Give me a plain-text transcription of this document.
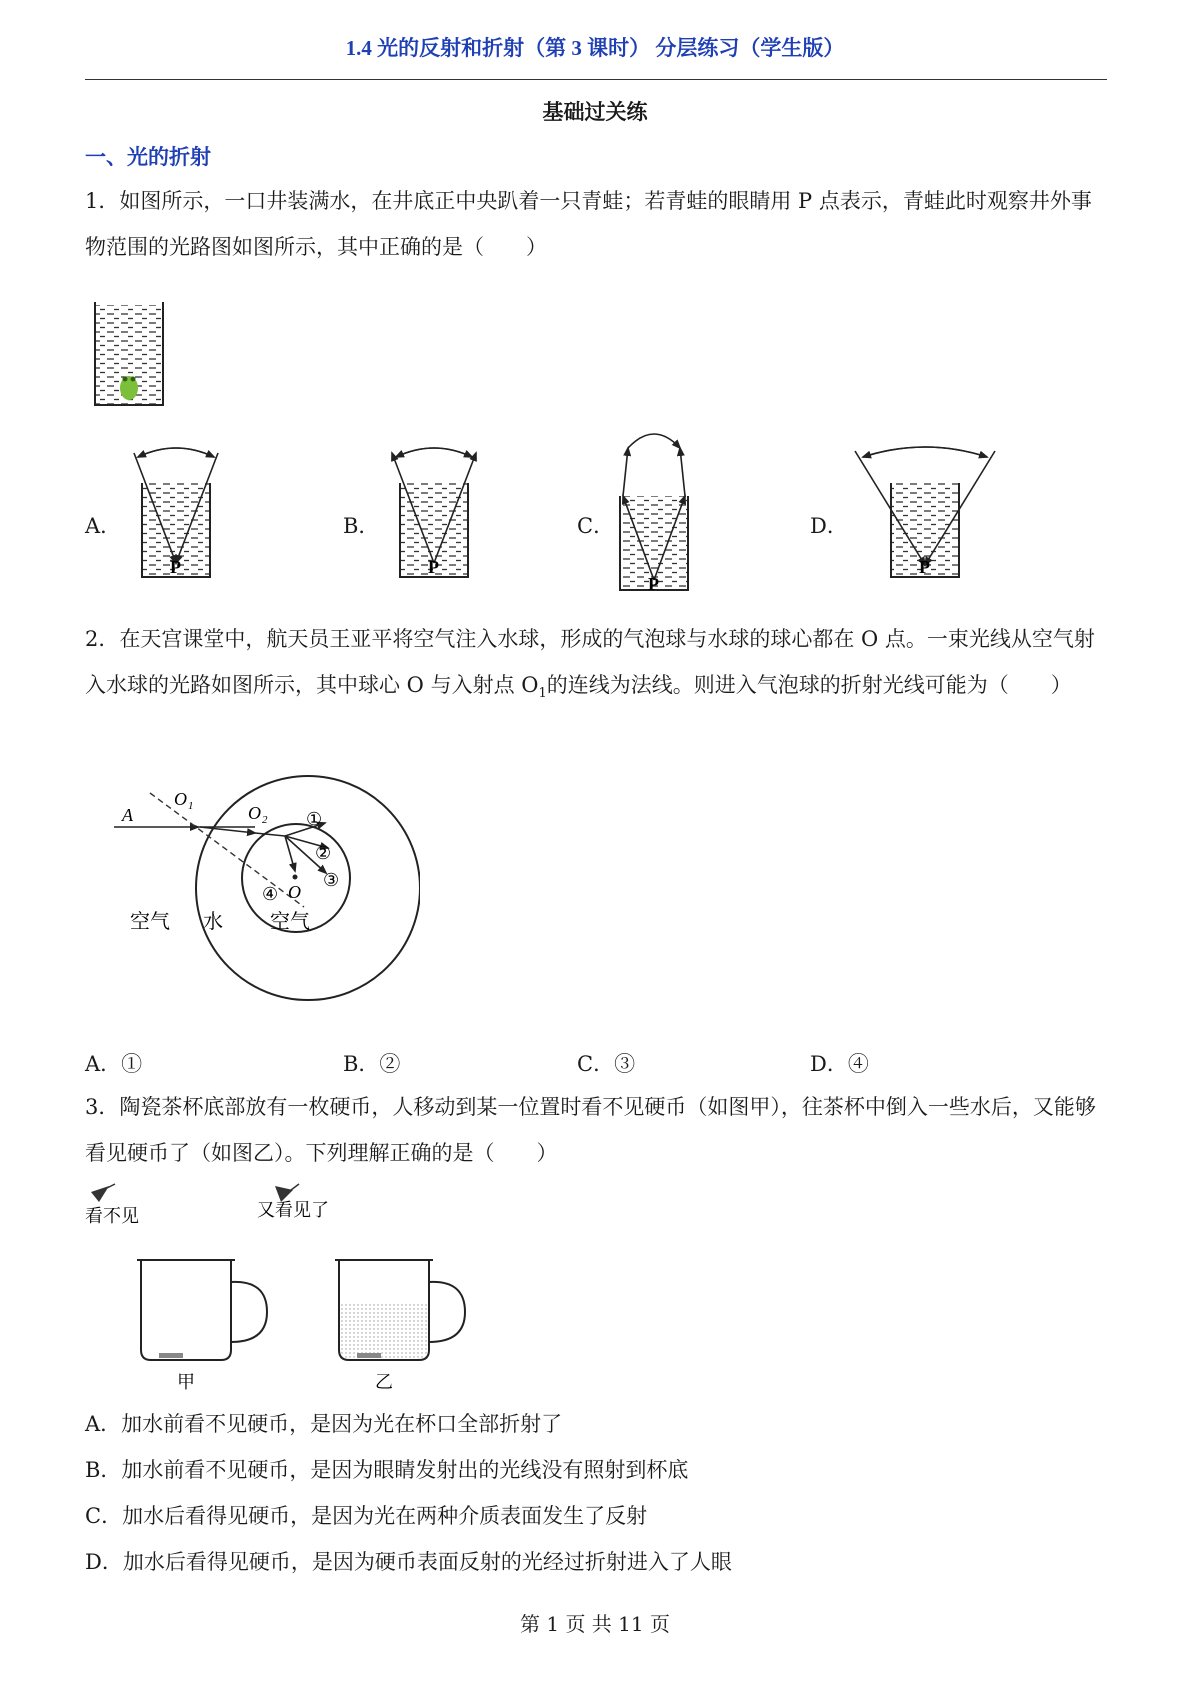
1.4 光的反射和折射（第 3 课时） 分层练习（学生版）
基础过关练
一、光的折射
1．如图所示，一口井装满水，在井底正中央趴着一只青蛙；若青蛙的眼睛用 P 点表示，青蛙此时观察井外事物范围的光路图如图所示，其中正确的是（　　）
A．
P
B．
P
C．
P
D．
P
2．在天宫课堂中，航天员王亚平将空气注入水球，形成的气泡球与水球的球心都在 O 点。一束光线从空气射入水球的光路如图所示，其中球心 O 与入射点 $O_1$的连线为法线。则进入气泡球的折射光线可能为（　　）
A
O 1	O 2 ①
②
③
④ O
空气 水 空气
A．①	B．②	C．③	D．④
3．陶瓷茶杯底部放有一枚硬币，人移动到某一位置时看不见硬币（如图甲），往茶杯中倒入一些水后，又能够看见硬币了（如图乙）。下列理解正确的是（　　）
看不见	又看见了
甲	乙
A．加水前看不见硬币，是因为光在杯口全部折射了
B．加水前看不见硬币，是因为眼睛发射出的光线没有照射到杯底
C．加水后看得见硬币，是因为光在两种介质表面发生了反射
D．加水后看得见硬币，是因为硬币表面反射的光经过折射进入了人眼
第 1 页 共 11 页
